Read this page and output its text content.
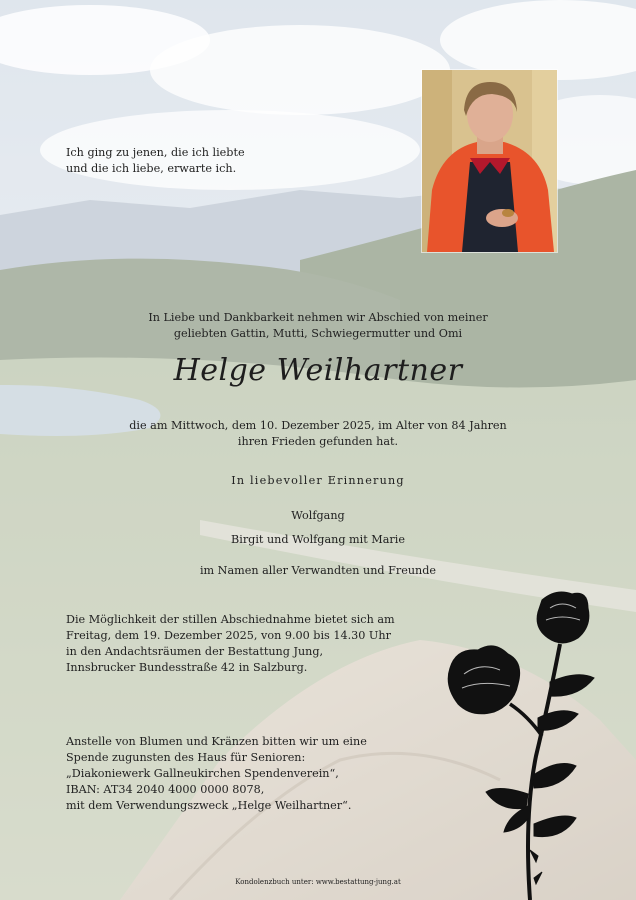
Ich ging zu jenen, die ich liebte
und die ich liebe, erwarte ich.
In Liebe und Dankbarkeit nehmen wir Abschied von meiner
geliebten Gattin, Mutti, Schwiegermutter und Omi
Helge Weilhartner
die am Mittwoch, dem 10. Dezember 2025, im Alter von 84 Jahren
ihren Frieden gefunden hat.
In liebevoller Erinnerung
Wolfgang
Birgit und Wolfgang mit Marie
im Namen aller Verwandten und Freunde
Die Möglichkeit der stillen Abschiednahme bietet sich am
Freitag, dem 19. Dezember 2025, von 9.00 bis 14.30 Uhr
in den Andachtsräumen der Bestattung Jung,
Innsbrucker Bundesstraße 42 in Salzburg.
Anstelle von Blumen und Kränzen bitten wir um eine
Spende zugunsten des Haus für Senioren:
„Diakoniewerk Gallneukirchen Spendenverein“,
IBAN: AT34 2040 4000 0000 8078,
mit dem Verwendungszweck „Helge Weilhartner“.
Kondolenzbuch unter: www.bestattung-jung.at
